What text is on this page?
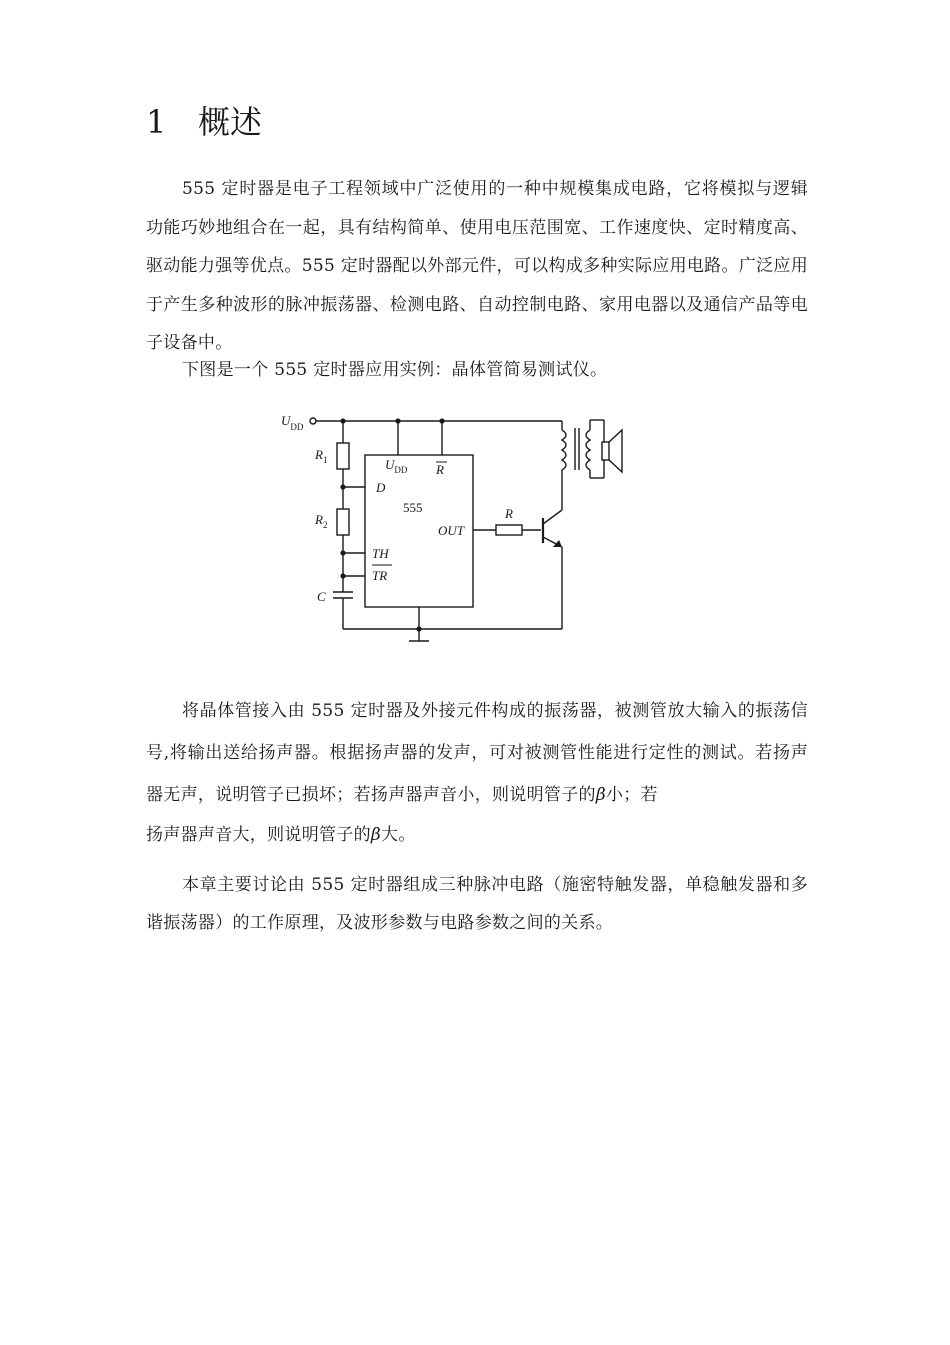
1 概述

555 定时器是电子工程领域中广泛使用的一种中规模集成电路，它将模拟与逻辑功能巧妙地组合在一起，具有结构简单、使用电压范围宽、工作速度快、定时精度高、驱动能力强等优点。555 定时器配以外部元件，可以构成多种实际应用电路。广泛应用于产生多种波形的脉冲振荡器、检测电路、自动控制电路、家用电器以及通信产品等电子设备中。

下图是一个 555 定时器应用实例：晶体管简易测试仪。

$U_{DD}$
$R_1$
$R_2$
C
$U_{DD}$ R
D
555
OUT
TH
TR
R

将晶体管接入由 555 定时器及外接元件构成的振荡器，被测管放大输入的振荡信号,将输出送给扬声器。根据扬声器的发声，可对被测管性能进行定性的测试。若扬声器无声，说明管子已损坏；若扬声器声音小，则说明管子的β小；若

扬声器声音大，则说明管子的β大。

本章主要讨论由 555 定时器组成三种脉冲电路（施密特触发器，单稳触发器和多谐振荡器）的工作原理，及波形参数与电路参数之间的关系。
